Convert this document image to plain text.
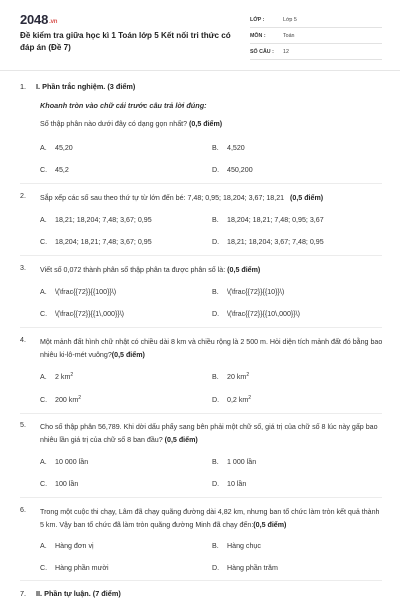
2048.vn
Đề kiểm tra giữa học kì 1 Toán lớp 5 Kết nối tri thức có đáp án (Đề 7)
LỚP :	Lớp 5
MÔN :	Toán
SỐ CÂU :	12
1. I. Phần trắc nghiệm. (3 điểm)
Khoanh tròn vào chữ cái trước câu trả lời đúng:
Số thập phân nào dưới đây có dạng gọn nhất? (0,5 điểm)
A. 45,20	B. 4,520
C. 45,2	D. 450,200
2. Sắp xếp các số sau theo thứ tự từ lớn đến bé: 7,48; 0,95; 18,204; 3,67; 18,21 (0,5 điểm)
A. 18,21; 18,204; 7,48; 3,67; 0,95	B. 18,204; 18,21; 7,48; 0,95; 3,67
C. 18,204; 18,21; 7,48; 3,67; 0,95	D. 18,21; 18,204; 3,67; 7,48; 0,95
3. Viết số 0,072 thành phân số thập phân ta được phân số là: (0,5 điểm)
A. \(\frac{{72}}{{100}}\)	B. \(\frac{{72}}{{10}}\)
C. \(\frac{{72}}{{1\,000}}\)	D. \(\frac{{72}}{{10\,000}}\)
4. Một mảnh đất hình chữ nhật có chiều dài 8 km và chiều rộng là 2 500 m. Hỏi diện tích mảnh đất đó bằng bao nhiêu ki-lô-mét vuông?(0,5 điểm)
A. 2 $km^2$	B. 20 $km^2$
C. 200 $km^2$	D. 0,2 $km^2$
5. Cho số thập phân 56,789. Khi dời dấu phẩy sang bên phải một chữ số, giá trị của chữ số 8 lúc này gấp bao nhiêu lần giá trị của chữ số 8 ban đầu? (0,5 điểm)
A. 10 000 lần	B. 1 000 lần
C. 100 lần	D. 10 lần
6. Trong một cuộc thi chạy, Lâm đã chạy quãng đường dài 4,82 km, nhưng ban tổ chức làm tròn kết quả thành 5 km. Vậy ban tổ chức đã làm tròn quãng đường Minh đã chạy đến:(0,5 điểm)
A. Hàng đơn vị	B. Hàng chục
C. Hàng phần mười	D. Hàng phần trăm
7. II. Phần tự luận. (7 điểm)
